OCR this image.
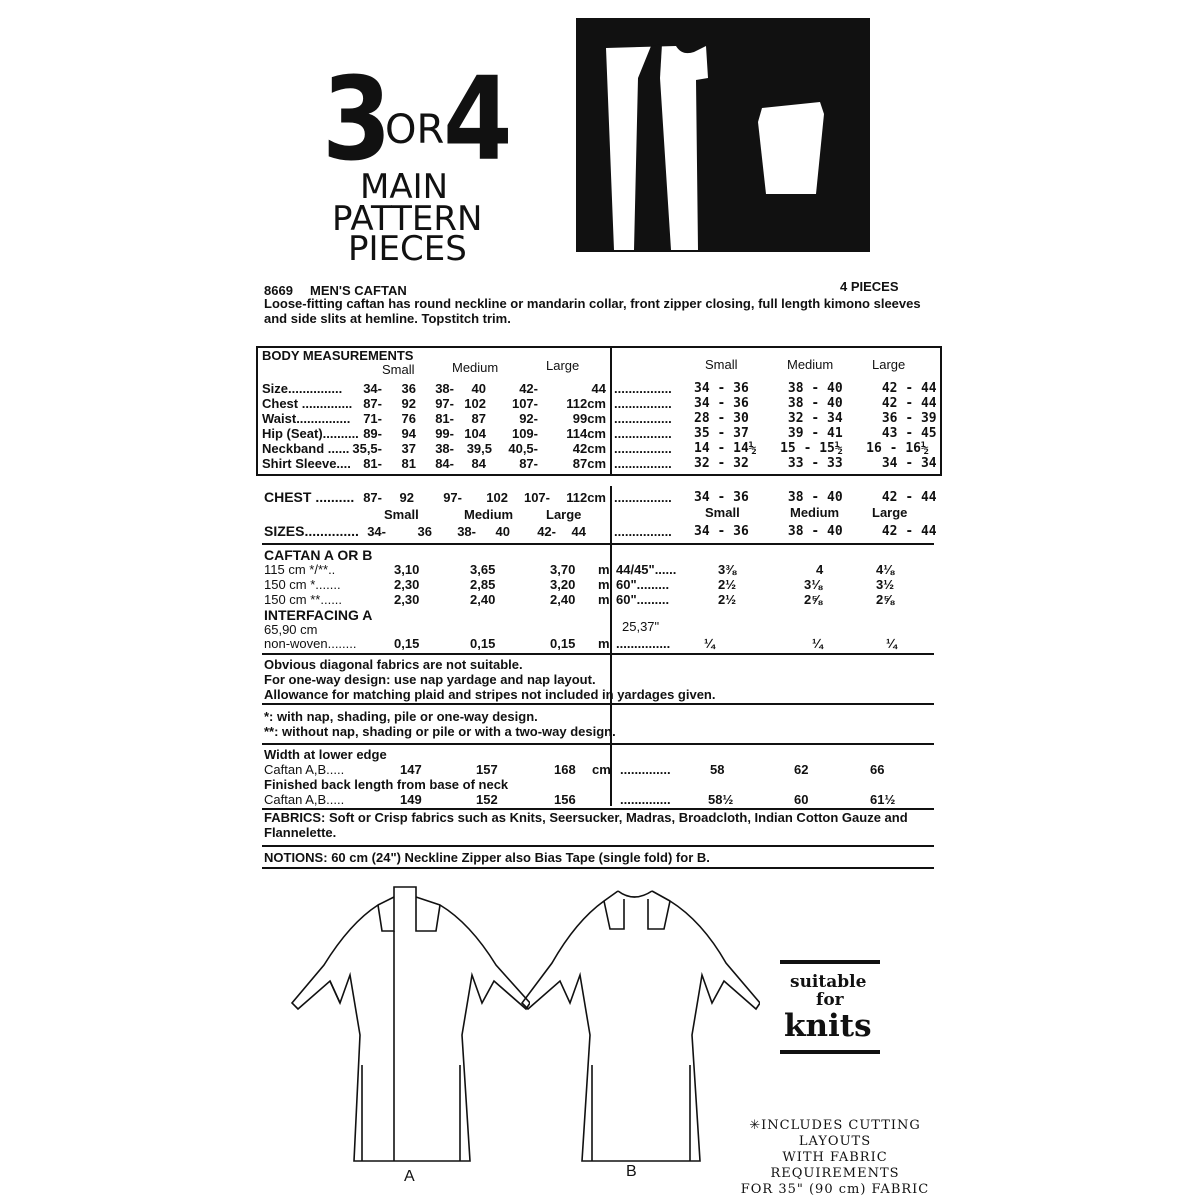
3
OR
4
MAIN
PATTERN
PIECES
8669 MEN'S CAFTAN	4 PIECES
Loose-fitting caftan has round neckline or mandarin collar, front zipper closing, full length kimono sleeves and side slits at hemline. Topstitch trim.
BODY MEASUREMENTS
Small	Medium	Large	Small	Medium	Large
Size...............	34-	36	38-	40	42-	44 ................ 34 - 36     38 - 40     42 - 44
Chest .............. 87-	92	97- 102	107-	112cm ................ 34 - 36     38 - 40     42 - 44
Waist............... 71-	76	81-	87	92-	99cm ................ 28 - 30     32 - 34     36 - 39
Hip (Seat).......... 89-	94	99- 104	109-	114cm ................ 35 - 37     39 - 41     43 - 45
Neckband ...... 35,5-	37	38- 39,5	40,5-	42cm ................ 14 - 14½   15 - 15½   16 - 16½
Shirt Sleeve.... 81-	81	84-	84	87-	87cm ................ 32 - 32     33 - 33     34 - 34
CHEST .......... 87-	92	97-	102	107-	112cm ................ 34 - 36     38 - 40     42 - 44
Small	Medium	Large	Small	Medium	Large
SIZES.............. 34-	36	38-	40	42-	44 ................ 34 - 36     38 - 40     42 - 44
CAFTAN A OR B
115 cm */**..	3,10	3,65	3,70 m 44/45"......	3⅜	4	4⅛
150 cm *.......	2,30	2,85	3,20 m 60".........	2½	3⅛	3½
150 cm **......	2,30	2,40	2,40 m 60".........	2½	2⅝	2⅝
INTERFACING A
65,90 cm	25,37"
non-woven........	0,15	0,15	0,15 m ...............	¼	¼	¼
Obvious diagonal fabrics are not suitable.
For one-way design: use nap yardage and nap layout.
Allowance for matching plaid and stripes not included in yardages given.
*: with nap, shading, pile or one-way design.
**: without nap, shading or pile or with a two-way design.
Width at lower edge
Caftan A,B.....	147	157	168 cm ..............	58	62	66
Finished back length from base of neck
Caftan A,B.....	149	152	156	..............	58½	60	61½
FABRICS: Soft or Crisp fabrics such as Knits, Seersucker, Madras, Broadcloth, Indian Cotton Gauze and Flannelette.
NOTIONS: 60 cm (24") Neckline Zipper also Bias Tape (single fold) for B.
A	B
suitable
for
knits
✳INCLUDES CUTTING LAYOUTS
WITH FABRIC REQUIREMENTS
FOR 35" (90 cm) FABRIC
